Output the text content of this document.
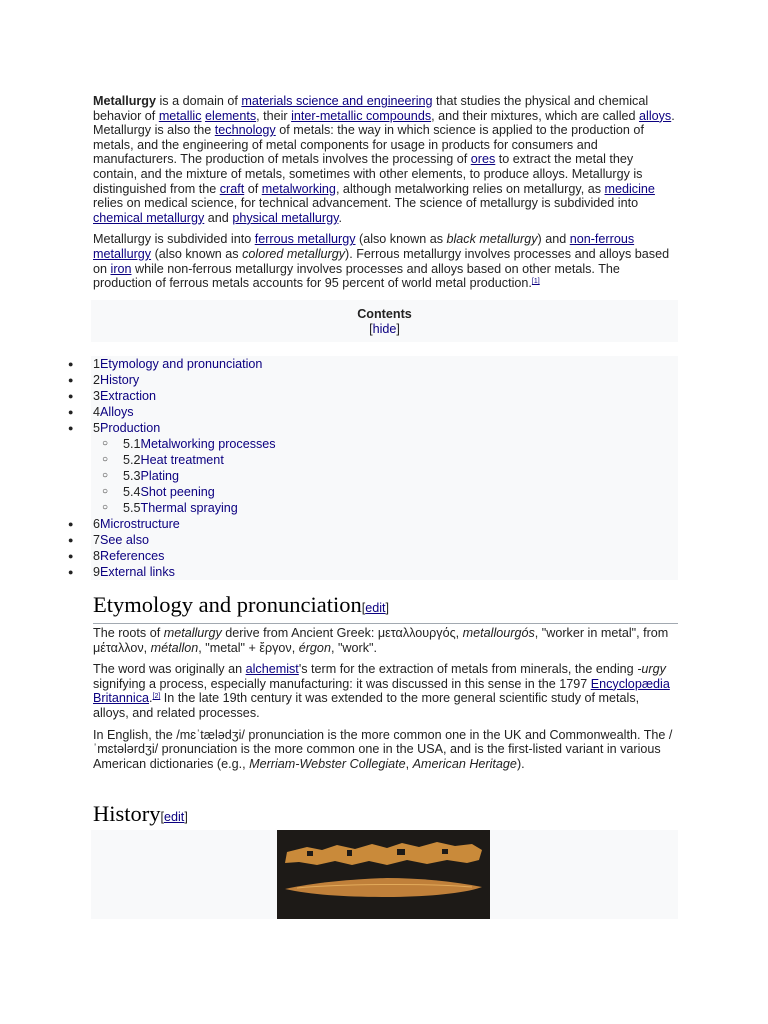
Metallurgy is a domain of materials science and engineering that studies the physical and chemical behavior of metallic elements, their inter-metallic compounds, and their mixtures, which are called alloys. Metallurgy is also the technology of metals: the way in which science is applied to the production of metals, and the engineering of metal components for usage in products for consumers and manufacturers. The production of metals involves the processing of ores to extract the metal they contain, and the mixture of metals, sometimes with other elements, to produce alloys. Metallurgy is distinguished from the craft of metalworking, although metalworking relies on metallurgy, as medicine relies on medical science, for technical advancement. The science of metallurgy is subdivided into chemical metallurgy and physical metallurgy.

Metallurgy is subdivided into ferrous metallurgy (also known as black metallurgy) and non-ferrous metallurgy (also known as colored metallurgy). Ferrous metallurgy involves processes and alloys based on iron while non-ferrous metallurgy involves processes and alloys based on other metals. The production of ferrous metals accounts for 95 percent of world metal production.[1]

Contents
[hide]
● 1Etymology and pronunciation
● 2History
● 3Extraction
● 4Alloys
● 5Production
○ 5.1Metalworking processes
○ 5.2Heat treatment
○ 5.3Plating
○ 5.4Shot peening
○ 5.5Thermal spraying
● 6Microstructure
● 7See also
● 8References
● 9External links
Etymology and pronunciation[edit]

The roots of metallurgy derive from Ancient Greek: μεταλλουργός, metallourgós, "worker in metal", from μέταλλον, métallon, "metal" + ἔργον, érgon, "work".

The word was originally an alchemist's term for the extraction of metals from minerals, the ending -urgy signifying a process, especially manufacturing: it was discussed in this sense in the 1797 Encyclopædia Britannica.[2] In the late 19th century it was extended to the more general scientific study of metals, alloys, and related processes.

In English, the /mɛˈtælədʒi/ pronunciation is the more common one in the UK and Commonwealth. The /ˈmɛtələrdʒi/ pronunciation is the more common one in the USA, and is the first-listed variant in various American dictionaries (e.g., Merriam-Webster Collegiate, American Heritage).

History[edit]
